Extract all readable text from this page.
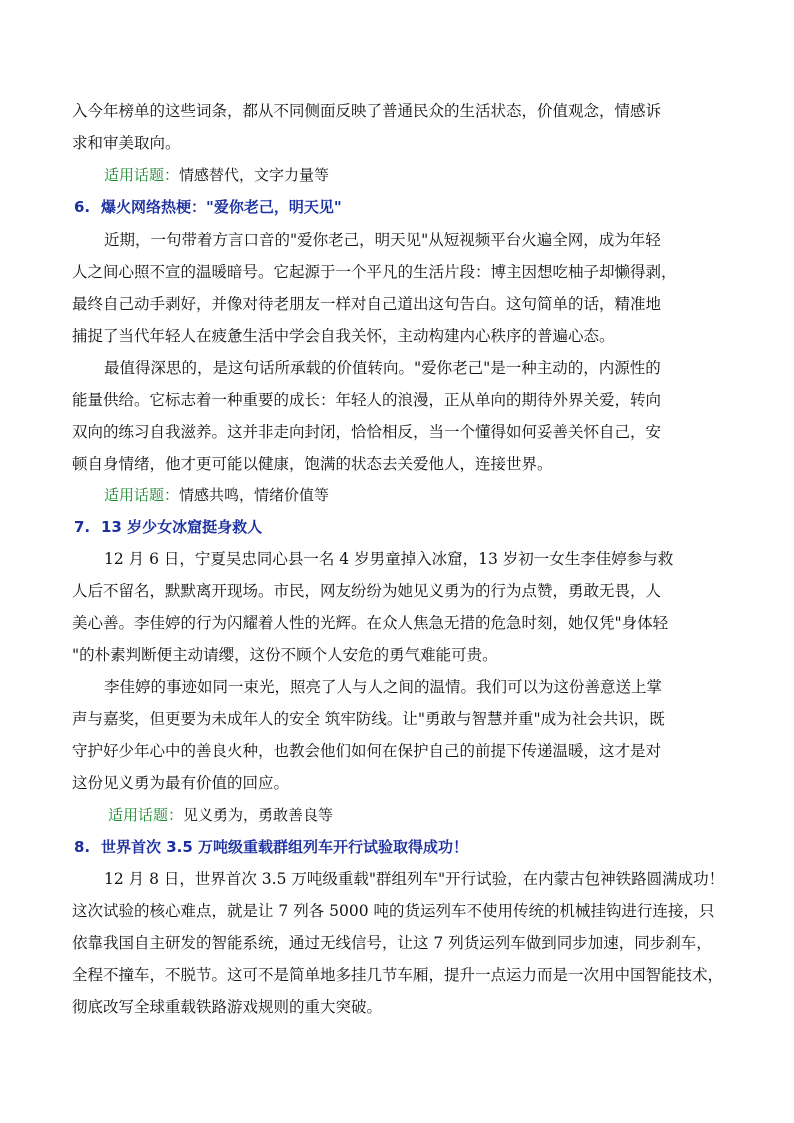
入今年榜单的这些词条，都从不同侧面反映了普通民众的生活状态，价值观念，情感诉
求和审美取向。
适用话题：情感替代，文字力量等
6. 爆火网络热梗："爱你老己，明天见"
近期，一句带着方言口音的"爱你老己，明天见"从短视频平台火遍全网，成为年轻
人之间心照不宣的温暖暗号。它起源于一个平凡的生活片段：博主因想吃柚子却懒得剥，
最终自己动手剥好，并像对待老朋友一样对自己道出这句告白。这句简单的话，精准地
捕捉了当代年轻人在疲惫生活中学会自我关怀，主动构建内心秩序的普遍心态。
最值得深思的，是这句话所承载的价值转向。"爱你老己"是一种主动的，内源性的
能量供给。它标志着一种重要的成长：年轻人的浪漫，正从单向的期待外界关爱，转向
双向的练习自我滋养。这并非走向封闭，恰恰相反，当一个懂得如何妥善关怀自己，安
顿自身情绪，他才更可能以健康，饱满的状态去关爱他人，连接世界。
适用话题：情感共鸣，情绪价值等
7. 13 岁少女冰窟挺身救人
12 月 6 日，宁夏吴忠同心县一名 4 岁男童掉入冰窟，13 岁初一女生李佳婷参与救
人后不留名，默默离开现场。市民，网友纷纷为她见义勇为的行为点赞，勇敢无畏，人
美心善。李佳婷的行为闪耀着人性的光辉。在众人焦急无措的危急时刻，她仅凭"身体轻
"的朴素判断便主动请缨，这份不顾个人安危的勇气难能可贵。
李佳婷的事迹如同一束光，照亮了人与人之间的温情。我们可以为这份善意送上掌
声与嘉奖，但更要为未成年人的安全 筑牢防线。让"勇敢与智慧并重"成为社会共识，既
守护好少年心中的善良火种，也教会他们如何在保护自己的前提下传递温暖，这才是对
这份见义勇为最有价值的回应。
适用话题：见义勇为，勇敢善良等
8. 世界首次 3.5 万吨级重载群组列车开行试验取得成功！
12 月 8 日，世界首次 3.5 万吨级重载"群组列车"开行试验，在内蒙古包神铁路圆满成功！
这次试验的核心难点，就是让 7 列各 5000 吨的货运列车不使用传统的机械挂钩进行连接，只
依靠我国自主研发的智能系统，通过无线信号，让这 7 列货运列车做到同步加速，同步刹车，
全程不撞车，不脱节。这可不是简单地多挂几节车厢，提升一点运力而是一次用中国智能技术，
彻底改写全球重载铁路游戏规则的重大突破。
